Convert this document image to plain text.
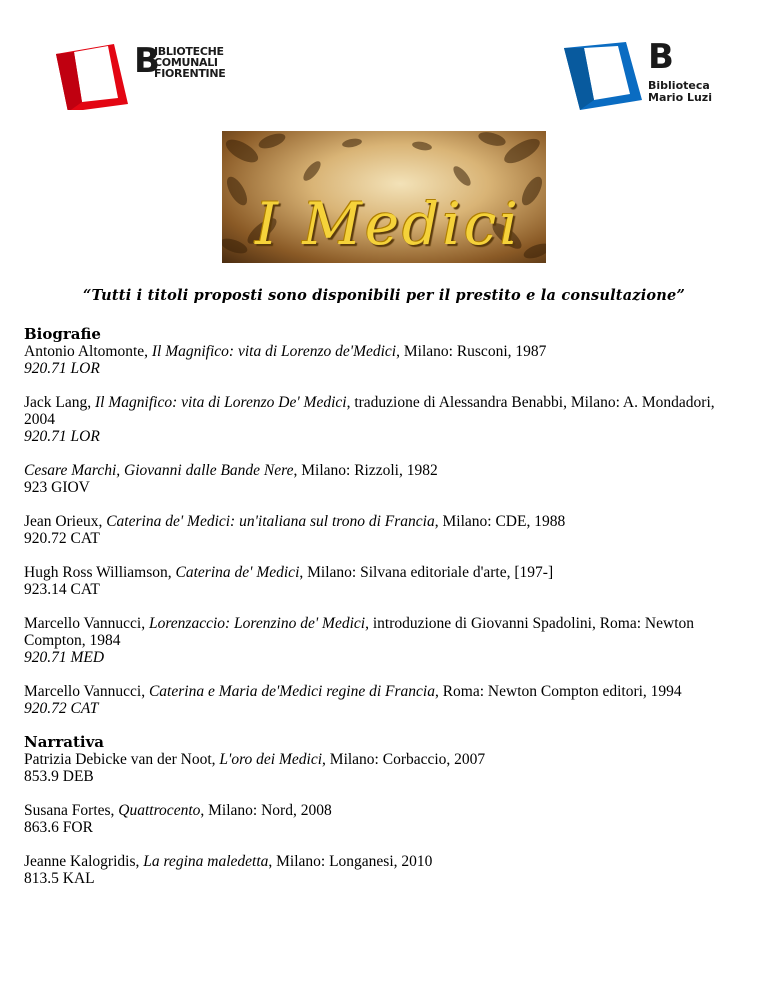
B
IBLIOTECHE
COMUNALI
FIORENTINE	B
Biblioteca
Mario Luzi
I Medici
“Tutti i titoli proposti sono disponibili per il prestito e la consultazione”
Biografie
Antonio Altomonte, Il Magnifico: vita di Lorenzo de'Medici, Milano: Rusconi, 1987
920.71 LOR
Jack Lang, Il Magnifico: vita di Lorenzo De' Medici, traduzione di Alessandra Benabbi, Milano: A. Mondadori, 2004
920.71 LOR
Cesare Marchi, Giovanni dalle Bande Nere, Milano: Rizzoli, 1982
923 GIOV
Jean Orieux, Caterina de' Medici: un'italiana sul trono di Francia, Milano: CDE, 1988
920.72 CAT
Hugh Ross Williamson, Caterina de' Medici, Milano: Silvana editoriale d'arte, [197-]
923.14 CAT
Marcello Vannucci, Lorenzaccio: Lorenzino de' Medici, introduzione di Giovanni Spadolini, Roma: Newton Compton, 1984
920.71 MED
Marcello Vannucci, Caterina e Maria de'Medici regine di Francia, Roma: Newton Compton editori, 1994
920.72 CAT
Narrativa
Patrizia Debicke van der Noot, L'oro dei Medici, Milano: Corbaccio, 2007
853.9 DEB
Susana Fortes, Quattrocento, Milano: Nord, 2008
863.6 FOR
Jeanne Kalogridis, La regina maledetta, Milano: Longanesi, 2010
813.5 KAL
